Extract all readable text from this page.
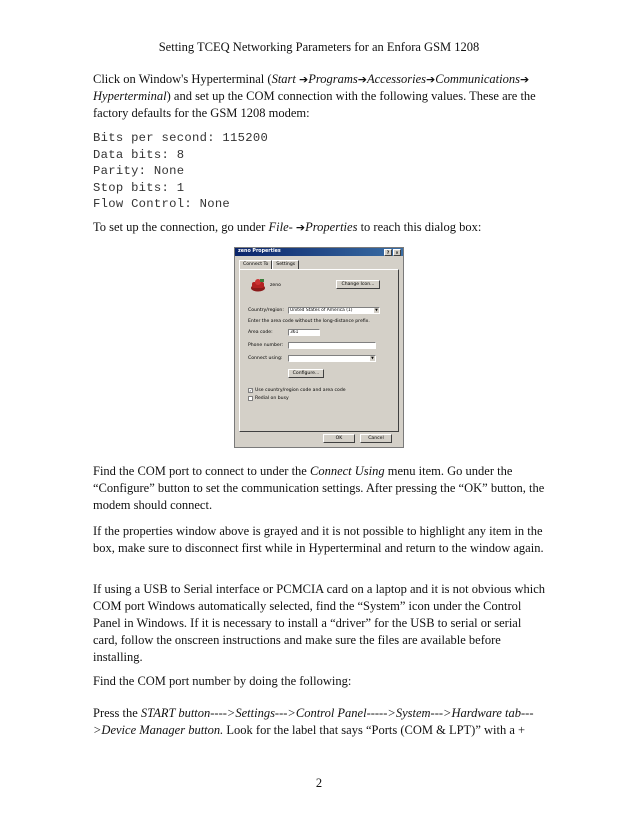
Setting TCEQ Networking Parameters for an Enfora GSM 1208
Click on Window's Hyperterminal (Start ➔Programs➔Accessories➔Communications➔ Hyperterminal) and set up the COM connection with the following values. These are the factory defaults for the GSM 1208 modem:
Bits per second: 115200
Data bits: 8
Parity: None
Stop bits: 1
Flow Control: None
To set up the connection, go under File- ➔Properties to reach this dialog box:
zeno Properties	? ×
Connect To Settings
zeno	Change Icon...
Country/region:	United States of America (1)	▼
Enter the area code without the long-distance prefix.
Area code:	361
Phone number:
Connect using:	▼
Configure...
✓ Use country/region code and area code
Redial on busy
OK	Cancel
Find the COM port to connect to under the Connect Using menu item. Go under the “Configure” button to set the communication settings. After pressing the “OK” button, the modem should connect.
If the properties window above is grayed and it is not possible to highlight any item in the box, make sure to disconnect first while in Hyperterminal and return to the window again.
If using a USB to Serial interface or PCMCIA card on a laptop and it is not obvious which COM port Windows automatically selected, find the “System” icon under the Control Panel in Windows. If it is necessary to install a “driver” for the USB to serial or serial card, follow the onscreen instructions and make sure the files are available before installing.
Find the COM port number by doing the following:
Press the START button---->Settings--->Control Panel----->System--->Hardware tab--->Device Manager button. Look for the label that says “Ports (COM & LPT)” with a +
2
